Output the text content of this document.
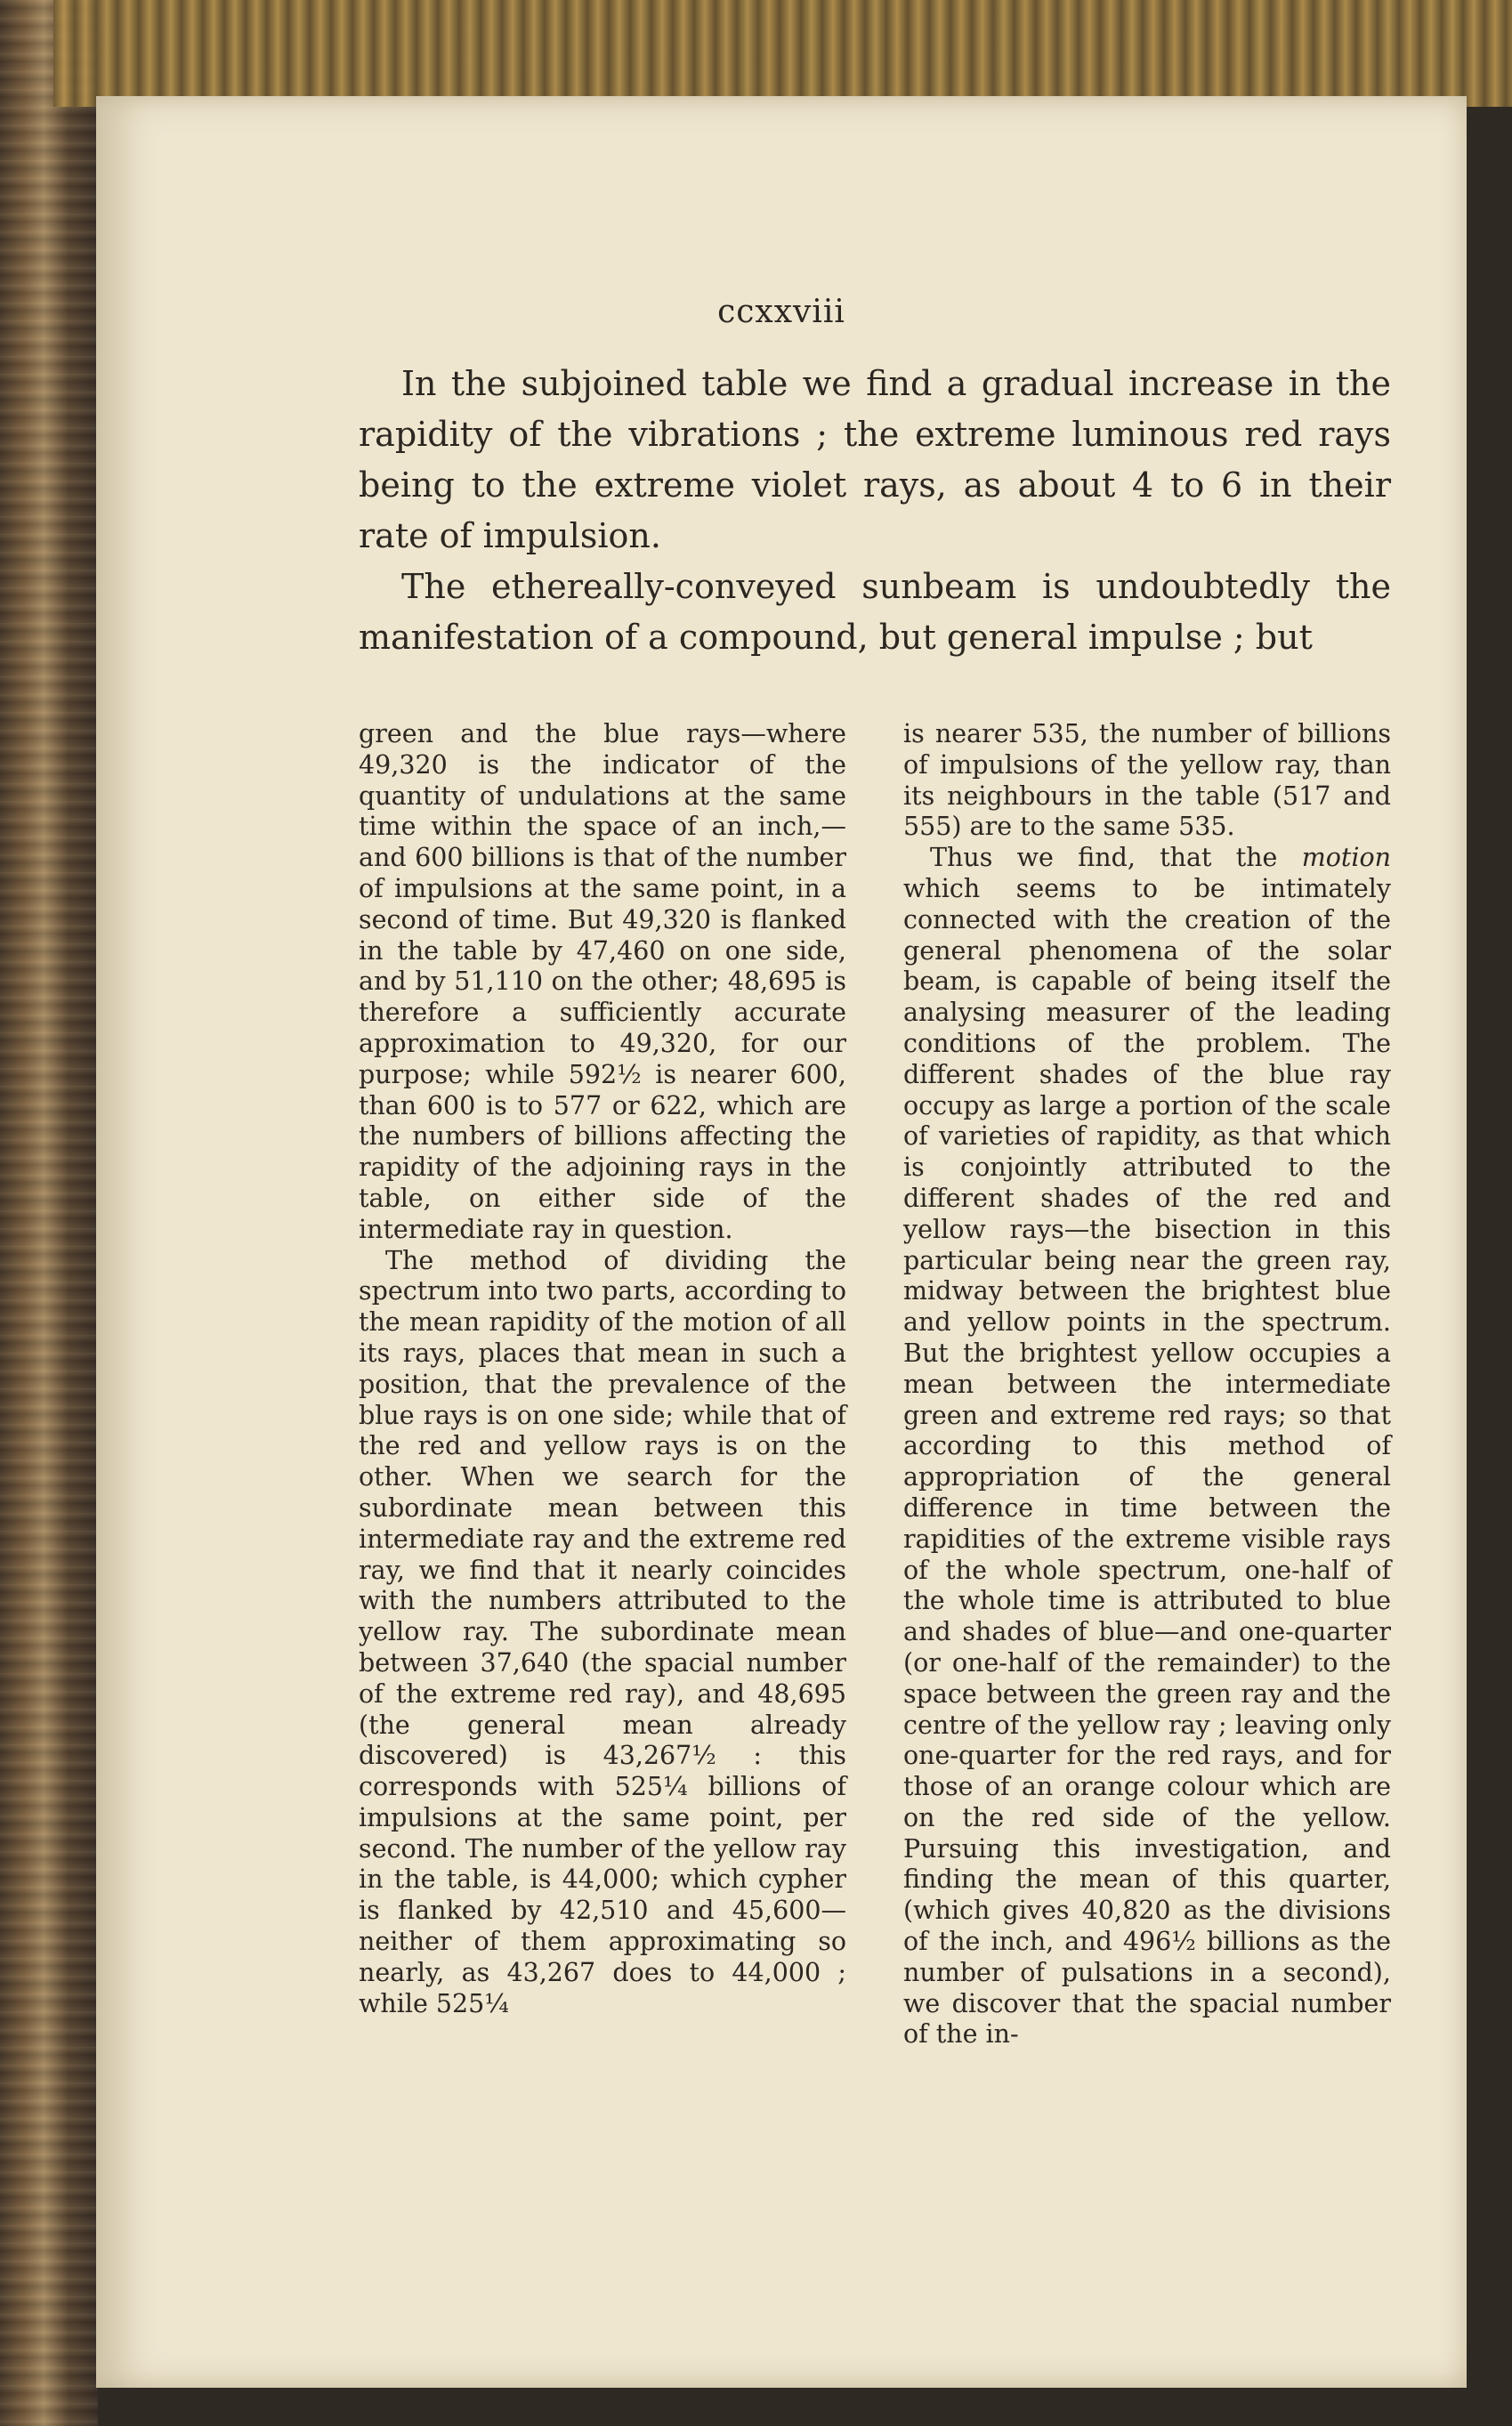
ccxxviii

In the subjoined table we find a gradual increase in the rapidity of the vibrations ; the extreme luminous red rays being to the extreme violet rays, as about 4 to 6 in their rate of impulsion.

The ethereally-conveyed sunbeam is undoubtedly the manifestation of a compound, but general impulse ; but

green and the blue rays—where 49,320 is the indicator of the quantity of undulations at the same time within the space of an inch,—and 600 billions is that of the number of impulsions at the same point, in a second of time. But 49,320 is flanked in the table by 47,460 on one side, and by 51,110 on the other; 48,695 is therefore a sufficiently accurate approximation to 49,320, for our purpose; while 592½ is nearer 600, than 600 is to 577 or 622, which are the numbers of billions affecting the rapidity of the adjoining rays in the table, on either side of the intermediate ray in question.

The method of dividing the spectrum into two parts, according to the mean rapidity of the motion of all its rays, places that mean in such a position, that the prevalence of the blue rays is on one side; while that of the red and yellow rays is on the other. When we search for the subordinate mean between this intermediate ray and the extreme red ray, we find that it nearly coincides with the numbers attributed to the yellow ray. The subordinate mean between 37,640 (the spacial number of the extreme red ray), and 48,695 (the general mean already discovered) is 43,267½ : this corresponds with 525¼ billions of impulsions at the same point, per second. The number of the yellow ray in the table, is 44,000; which cypher is flanked by 42,510 and 45,600—neither of them approximating so nearly, as 43,267 does to 44,000 ; while 525¼

is nearer 535, the number of billions of impulsions of the yellow ray, than its neighbours in the table (517 and 555) are to the same 535.

Thus we find, that the motion which seems to be intimately connected with the creation of the general phenomena of the solar beam, is capable of being itself the analysing measurer of the leading conditions of the problem. The different shades of the blue ray occupy as large a portion of the scale of varieties of rapidity, as that which is conjointly attributed to the different shades of the red and yellow rays—the bisection in this particular being near the green ray, midway between the brightest blue and yellow points in the spectrum. But the brightest yellow occupies a mean between the intermediate green and extreme red rays; so that according to this method of appropriation of the general difference in time between the rapidities of the extreme visible rays of the whole spectrum, one-half of the whole time is attributed to blue and shades of blue—and one-quarter (or one-half of the remainder) to the space between the green ray and the centre of the yellow ray ; leaving only one-quarter for the red rays, and for those of an orange colour which are on the red side of the yellow. Pursuing this investigation, and finding the mean of this quarter, (which gives 40,820 as the divisions of the inch, and 496½ billions as the number of pulsations in a second), we discover that the spacial number of the in-
